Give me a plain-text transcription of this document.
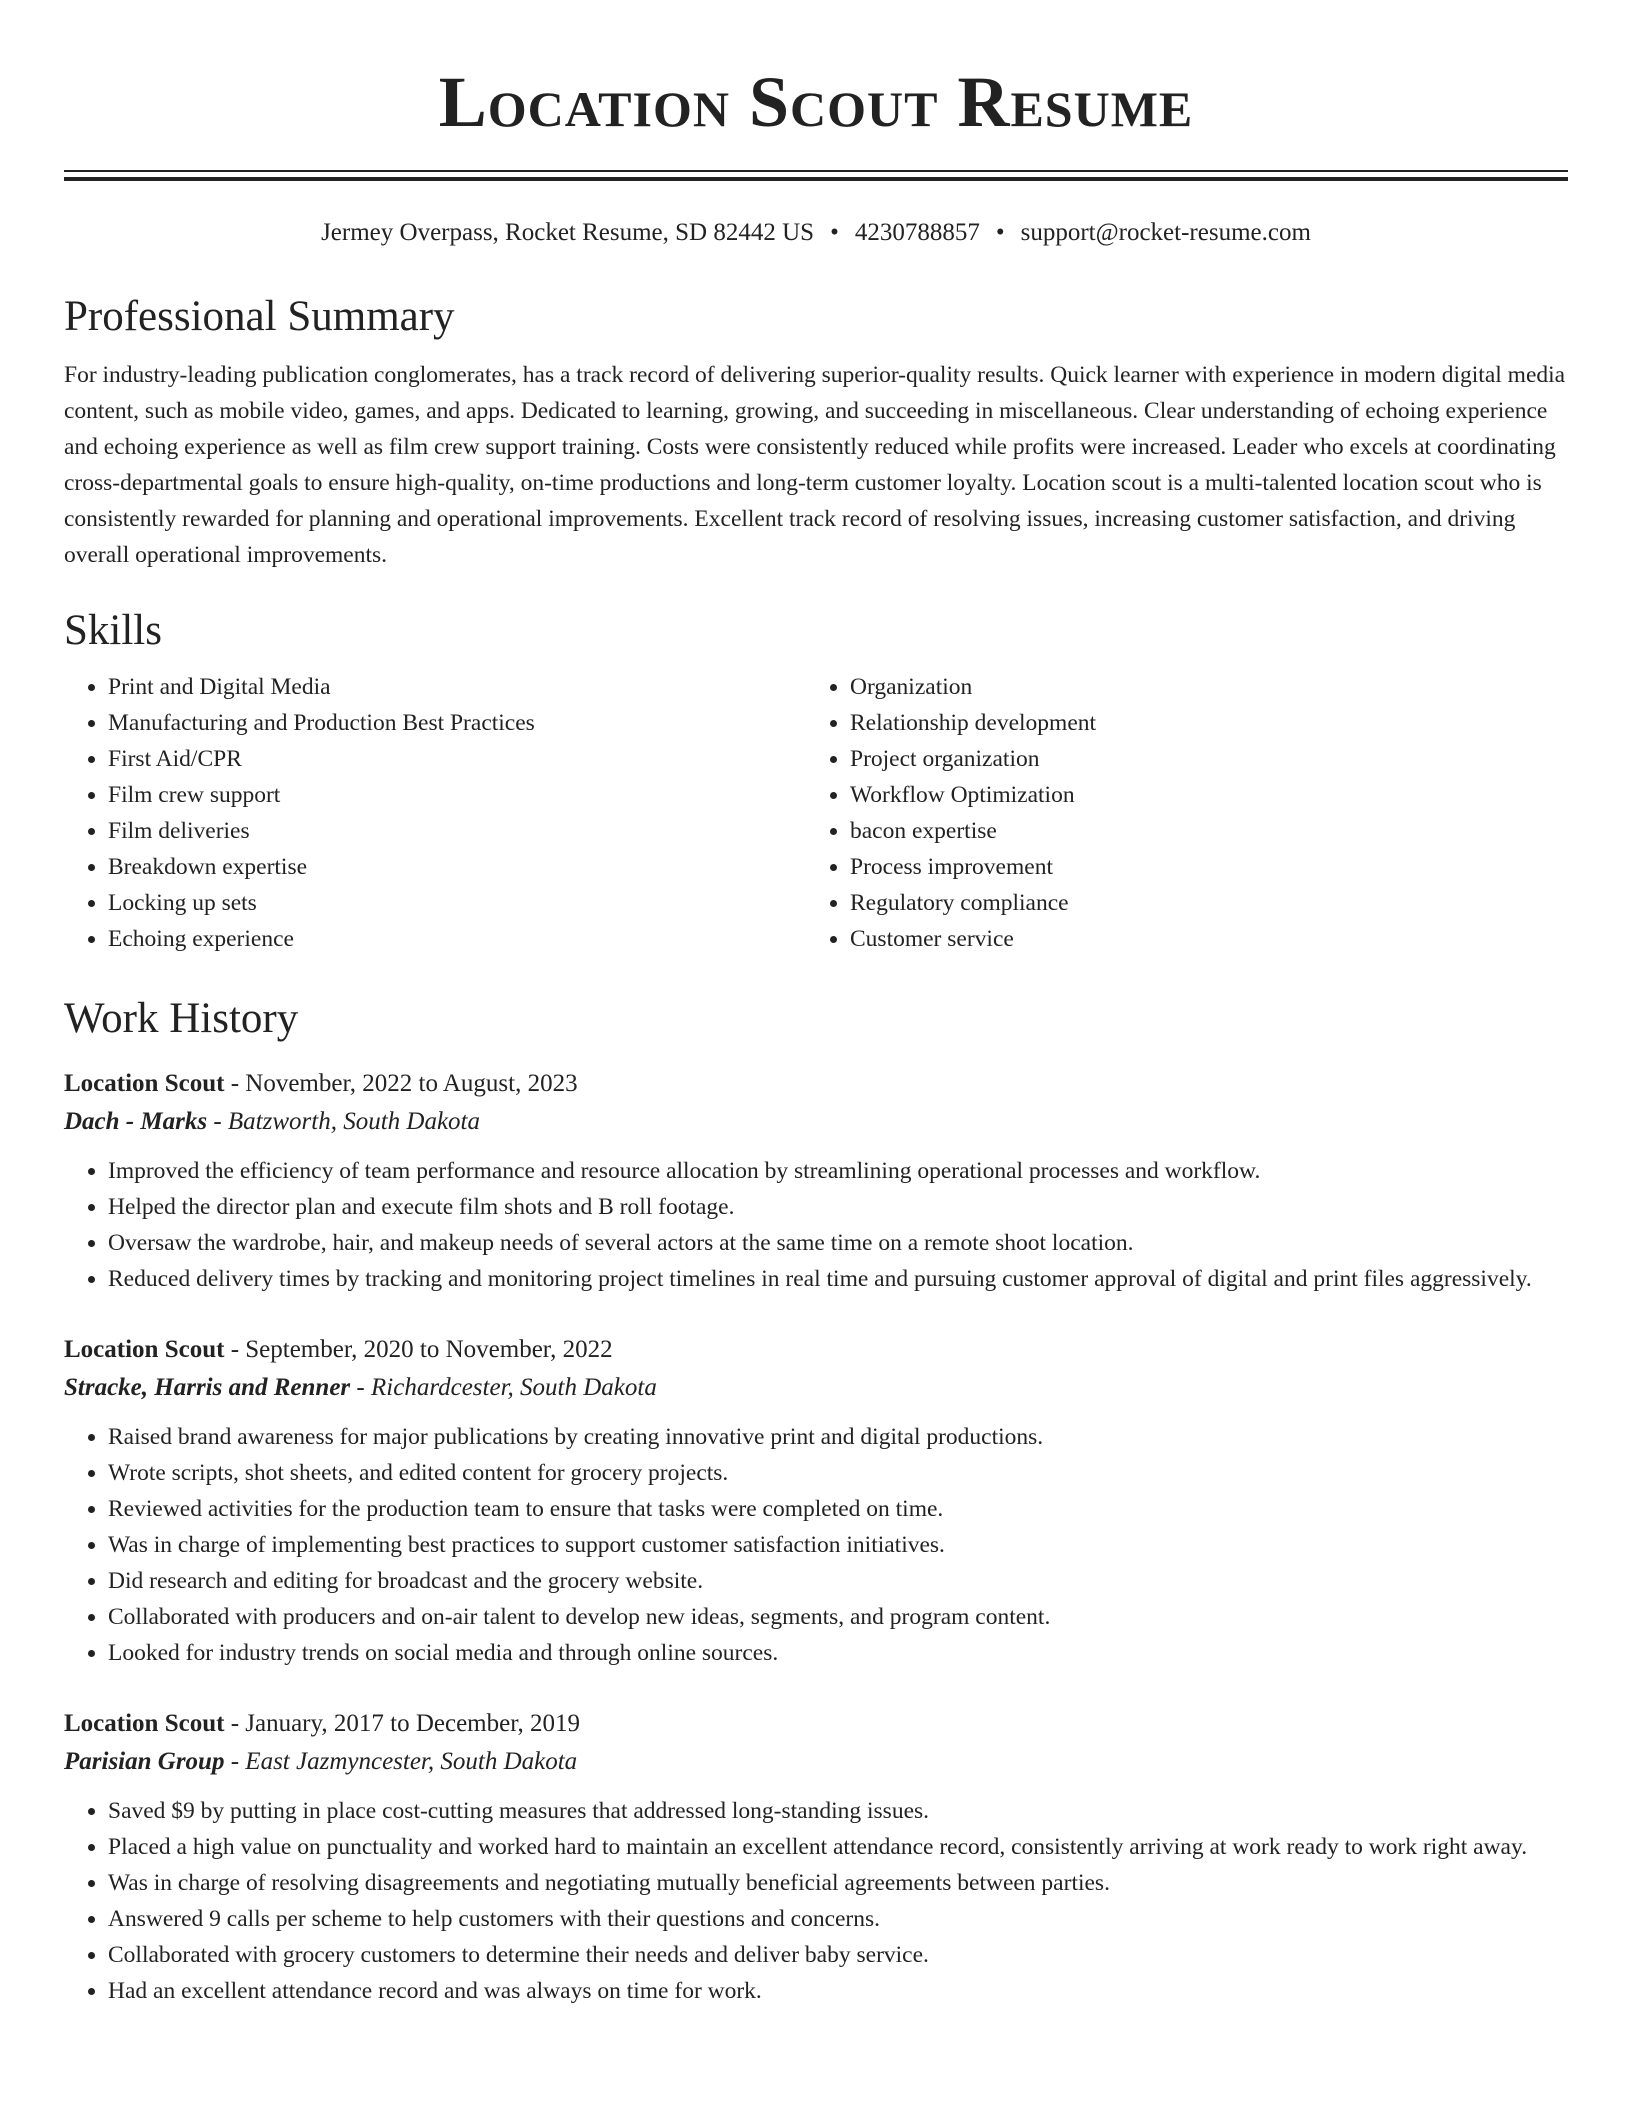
Location Scout Resume
Jermey Overpass, Rocket Resume, SD 82442 US • 4230788857 • support@rocket-resume.com
Professional Summary

For industry-leading publication conglomerates, has a track record of delivering superior-quality results. Quick learner with experience in modern digital media content, such as mobile video, games, and apps. Dedicated to learning, growing, and succeeding in miscellaneous. Clear understanding of echoing experience and echoing experience as well as film crew support training. Costs were consistently reduced while profits were increased. Leader who excels at coordinating cross-departmental goals to ensure high-quality, on-time productions and long-term customer loyalty. Location scout is a multi-talented location scout who is consistently rewarded for planning and operational improvements. Excellent track record of resolving issues, increasing customer satisfaction, and driving overall operational improvements.

Skills
• Print and Digital Media
• Manufacturing and Production Best Practices
• First Aid/CPR
• Film crew support
• Film deliveries
• Breakdown expertise
• Locking up sets
• Echoing experience
• Organization
• Relationship development
• Project organization
• Workflow Optimization
• bacon expertise
• Process improvement
• Regulatory compliance
• Customer service
Work History

Location Scout - November, 2022 to August, 2023

Dach - Marks - Batzworth, South Dakota

• Improved the efficiency of team performance and resource allocation by streamlining operational processes and workflow.
• Helped the director plan and execute film shots and B roll footage.
• Oversaw the wardrobe, hair, and makeup needs of several actors at the same time on a remote shoot location.
• Reduced delivery times by tracking and monitoring project timelines in real time and pursuing customer approval of digital and print files aggressively.

Location Scout - September, 2020 to November, 2022

Stracke, Harris and Renner - Richardcester, South Dakota

• Raised brand awareness for major publications by creating innovative print and digital productions.
• Wrote scripts, shot sheets, and edited content for grocery projects.
• Reviewed activities for the production team to ensure that tasks were completed on time.
• Was in charge of implementing best practices to support customer satisfaction initiatives.
• Did research and editing for broadcast and the grocery website.
• Collaborated with producers and on-air talent to develop new ideas, segments, and program content.
• Looked for industry trends on social media and through online sources.

Location Scout - January, 2017 to December, 2019

Parisian Group - East Jazmyncester, South Dakota

• Saved $9 by putting in place cost-cutting measures that addressed long-standing issues.
• Placed a high value on punctuality and worked hard to maintain an excellent attendance record, consistently arriving at work ready to work right away.
• Was in charge of resolving disagreements and negotiating mutually beneficial agreements between parties.
• Answered 9 calls per scheme to help customers with their questions and concerns.
• Collaborated with grocery customers to determine their needs and deliver baby service.
• Had an excellent attendance record and was always on time for work.
